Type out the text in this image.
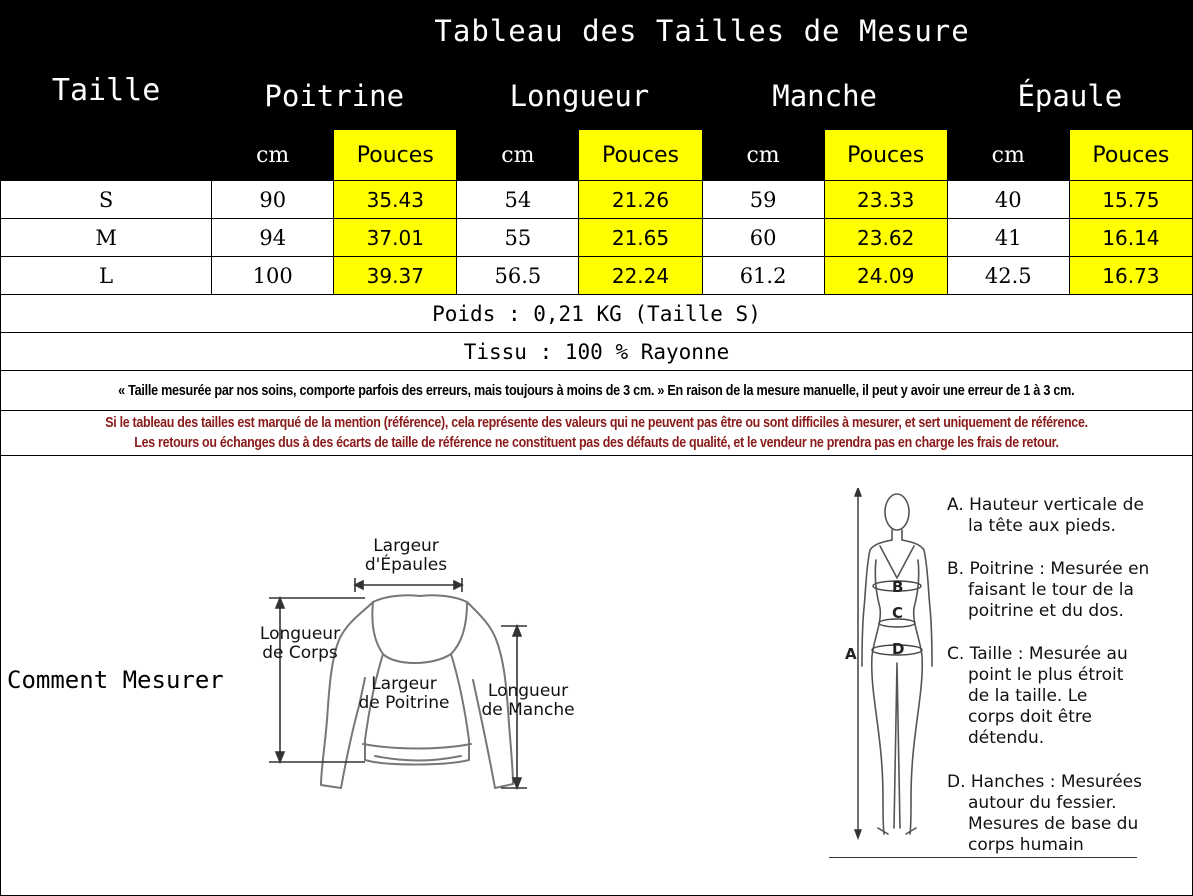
Taille	Tableau des Tailles de Mesure							
	Poitrine		Longueur		Manche		Épaule	
	cm	Pouces	cm	Pouces	cm	Pouces	cm	Pouces
S	90	35.43	54	21.26	59	23.33	40	15.75
M	94	37.01	55	21.65	60	23.62	41	16.14
L	100	39.37	56.5	22.24	61.2	24.09	42.5	16.73
Poids : 0,21 KG (Taille S)								
Tissu : 100 % Rayonne								
« Taille mesurée par nos soins, comporte parfois des erreurs, mais toujours à moins de 3 cm. » En raison de la mesure manuelle, il peut y avoir une erreur de 1 à 3 cm.								

Si le tableau des tailles est marqué de la mention (référence), cela représente des valeurs qui ne peuvent pas être ou sont difficiles à mesurer, et sert uniquement de référence.
Les retours ou échanges dus à des écarts de taille de référence ne constituent pas des défauts de qualité, et le vendeur ne prendra pas en charge les frais de retour.								
Comment Mesurer
Largeur
d'Épaules
Longueur
de Corps
Largeur
de Poitrine
Longueur
de Manche
A
B
C
D
A. Hauteur verticale de
la tête aux pieds.
B. Poitrine : Mesurée en
faisant le tour de la
poitrine et du dos.
C. Taille : Mesurée au
point le plus étroit
de la taille. Le
corps doit être
détendu.
D. Hanches : Mesurées
autour du fessier.
Mesures de base du
corps humain
